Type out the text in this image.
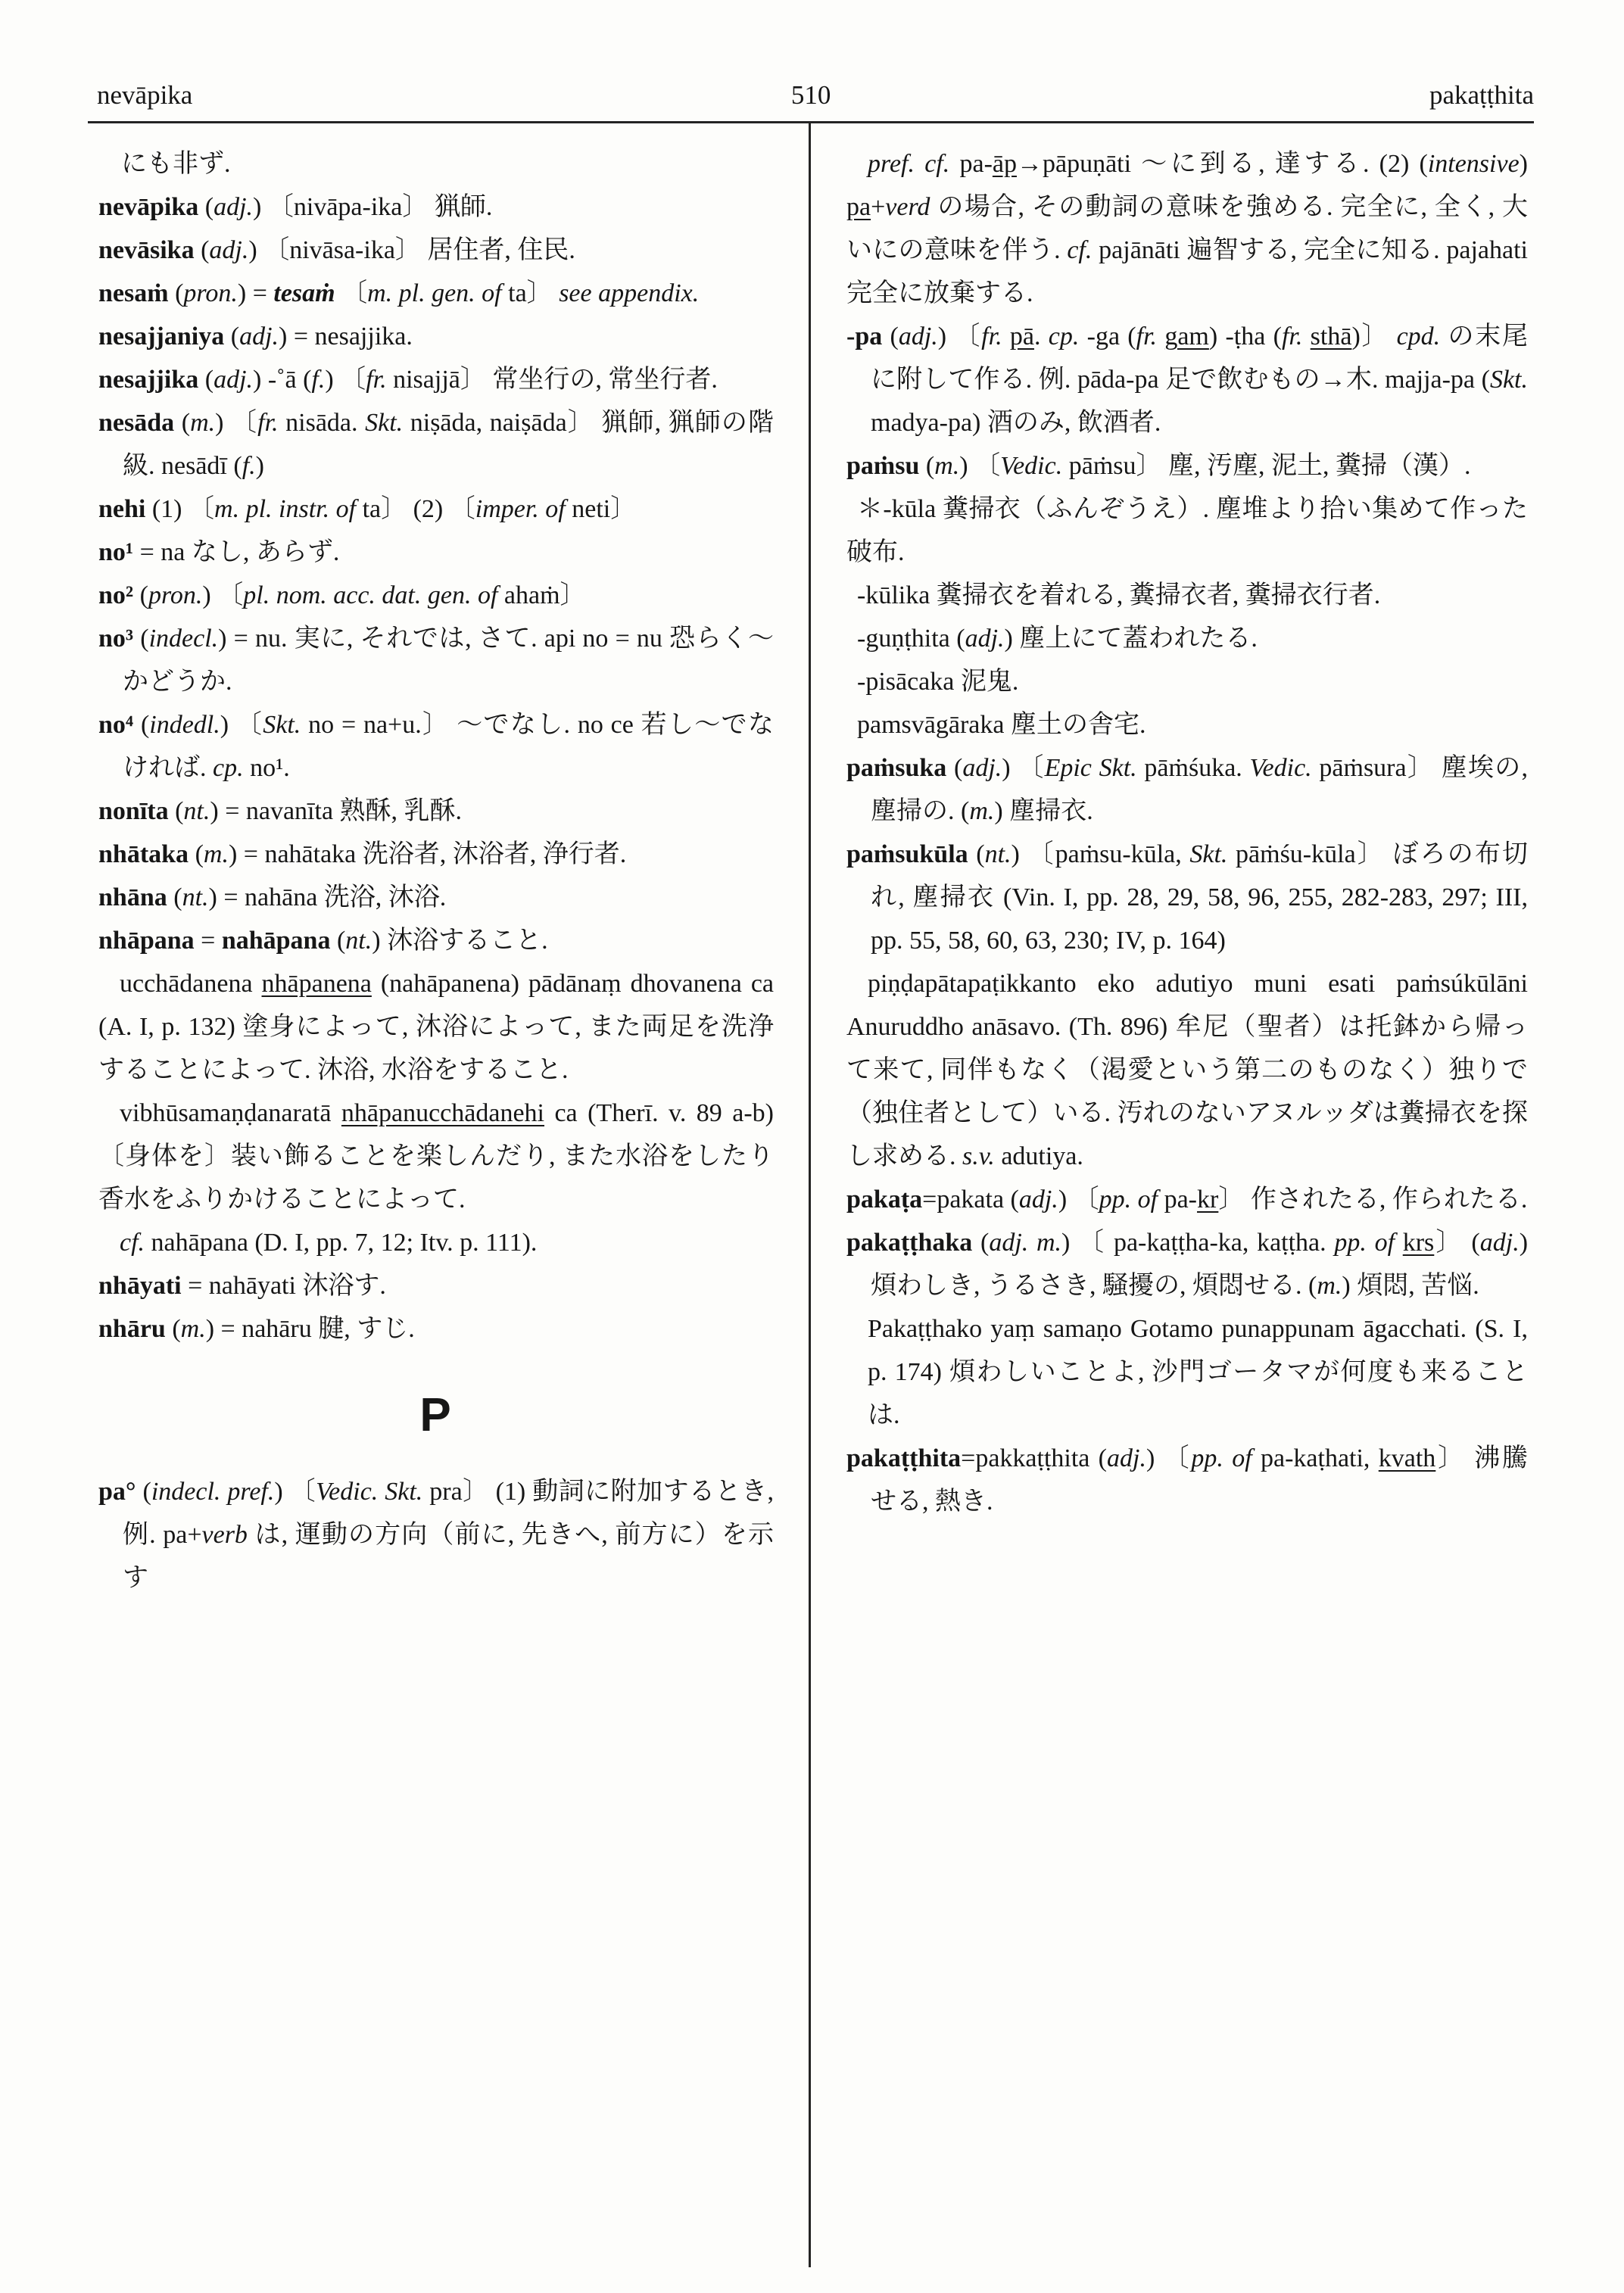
nevāpika	510	pakaṭṭhita

にも非ず.

nevāpika (adj.) 〔nivāpa-ika〕 猟師.

nevāsika (adj.) 〔nivāsa-ika〕 居住者, 住民.

nesaṁ (pron.) = tesaṁ 〔m. pl. gen. of ta〕 see appendix.

nesajjaniya (adj.) = nesajjika.

nesajjika (adj.) -˚ā (f.) 〔fr. nisajjā〕 常坐行の, 常坐行者.

nesāda (m.) 〔fr. nisāda. Skt. niṣāda, naiṣāda〕 猟師, 猟師の階級. nesādī (f.)

nehi (1) 〔m. pl. instr. of ta〕 (2) 〔imper. of neti〕

no¹ = na なし, あらず.

no² (pron.) 〔pl. nom. acc. dat. gen. of ahaṁ〕

no³ (indecl.) = nu. 実に, それでは, さて. api no = nu 恐らく〜かどうか.

no⁴ (indedl.) 〔Skt. no = na+u.〕 〜でなし. no ce 若し〜でなければ. cp. no¹.

nonīta (nt.) = navanīta 熟酥, 乳酥.

nhātaka (m.) = nahātaka 洗浴者, 沐浴者, 浄行者.

nhāna (nt.) = nahāna 洗浴, 沐浴.

nhāpana = nahāpana (nt.) 沐浴すること.

ucchādanena nhāpanena (nahāpanena) pādānaṃ dhovanena ca (A. I, p. 132) 塗身によって, 沐浴によって, また両足を洗浄することによって. 沐浴, 水浴をすること.

vibhūsamaṇḍanaratā nhāpanucchādanehi ca (Therī. v. 89 a-b) 〔身体を〕装い飾ることを楽しんだり, また水浴をしたり香水をふりかけることによって.

cf. nahāpana (D. I, pp. 7, 12; Itv. p. 111).

nhāyati = nahāyati 沐浴す.

nhāru (m.) = nahāru 腱, すじ.

P

pa° (indecl. pref.) 〔Vedic. Skt. pra〕 (1) 動詞に附加するとき, 例. pa+verb は, 運動の方向（前に, 先きへ, 前方に）を示す

pref. cf. pa-āp→pāpuṇāti 〜に到る, 達する. (2) (intensive) pa+verd の場合, その動詞の意味を強める. 完全に, 全く, 大いにの意味を伴う. cf. pajānāti 遍智する, 完全に知る. pajahati 完全に放棄する.

-pa (adj.) 〔fr. pā. cp. -ga (fr. gam) -ṭha (fr. sthā)〕 cpd. の末尾に附して作る. 例. pāda-pa 足で飲むもの→木. majja-pa (Skt. madya-pa) 酒のみ, 飲酒者.

paṁsu (m.) 〔Vedic. pāṁsu〕 塵, 汚塵, 泥土, 糞掃（漢）.

＊-kūla 糞掃衣（ふんぞうえ）. 塵堆より拾い集めて作った破布.

-kūlika 糞掃衣を着れる, 糞掃衣者, 糞掃衣行者.

-guṇṭhita (adj.) 塵上にて蓋われたる.

-pisācaka 泥鬼.

pamsvāgāraka 塵土の舎宅.

paṁsuka (adj.) 〔Epic Skt. pāṁśuka. Vedic. pāṁsura〕 塵埃の, 塵掃の. (m.) 塵掃衣.

paṁsukūla (nt.) 〔paṁsu-kūla, Skt. pāṁśu-kūla〕 ぼろの布切れ, 塵掃衣 (Vin. I, pp. 28, 29, 58, 96, 255, 282-283, 297; III, pp. 55, 58, 60, 63, 230; IV, p. 164)

piṇḍapātapaṭikkanto eko adutiyo muni esati paṁsúkūlāni Anuruddho anāsavo. (Th. 896) 牟尼（聖者）は托鉢から帰って来て, 同伴もなく（渇愛という第二のものなく）独りで（独住者として）いる. 汚れのないアヌルッダは糞掃衣を探し求める. s.v. adutiya.

pakaṭa=pakata (adj.) 〔pp. of pa-kr〕 作されたる, 作られたる.

pakaṭṭhaka (adj. m.) 〔 pa-kaṭṭha-ka, kaṭṭha. pp. of krs〕 (adj.) 煩わしき, うるさき, 騒擾の, 煩悶せる. (m.) 煩悶, 苦悩.

Pakaṭṭhako yaṃ samaṇo Gotamo punappunam āgacchati. (S. I, p. 174) 煩わしいことよ, 沙門ゴータマが何度も来ることは.

pakaṭṭhita=pakkaṭṭhita (adj.) 〔pp. of pa-kaṭhati, kvath〕 沸騰せる, 熱き.
